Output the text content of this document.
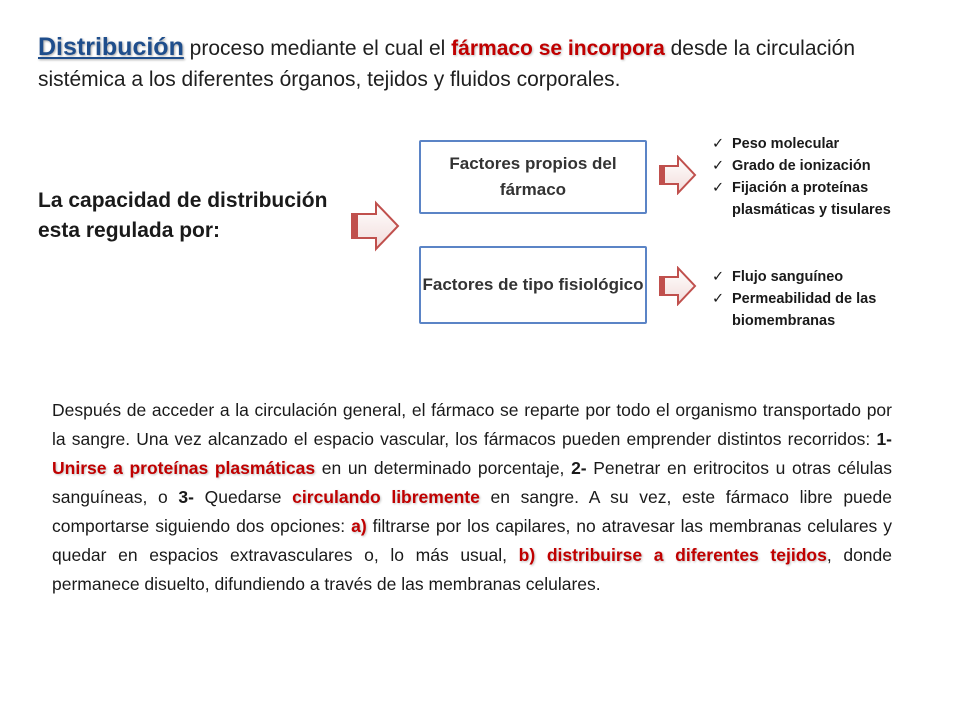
Distribución proceso mediante el cual el fármaco se incorpora desde la circulación sistémica a los diferentes órganos, tejidos y fluidos corporales.
La capacidad de distribución esta regulada por:
Factores propios del fármaco
Factores de tipo fisiológico
✓ Peso molecular
✓ Grado de ionización
✓ Fijación a proteínas plasmáticas y tisulares
✓ Flujo sanguíneo
✓ Permeabilidad de las biomembranas
Después de acceder a la circulación general, el fármaco se reparte por todo el organismo transportado por la sangre. Una vez alcanzado el espacio vascular, los fármacos pueden emprender distintos recorridos: 1- Unirse a proteínas plasmáticas en un determinado porcentaje, 2- Penetrar en eritrocitos u otras células sanguíneas, o 3- Quedarse circulando libremente en sangre. A su vez, este fármaco libre puede comportarse siguiendo dos opciones: a) filtrarse por los capilares, no atravesar las membranas celulares y quedar en espacios extravasculares o, lo más usual, b) distribuirse a diferentes tejidos, donde permanece disuelto, difundiendo a través de las membranas celulares.
